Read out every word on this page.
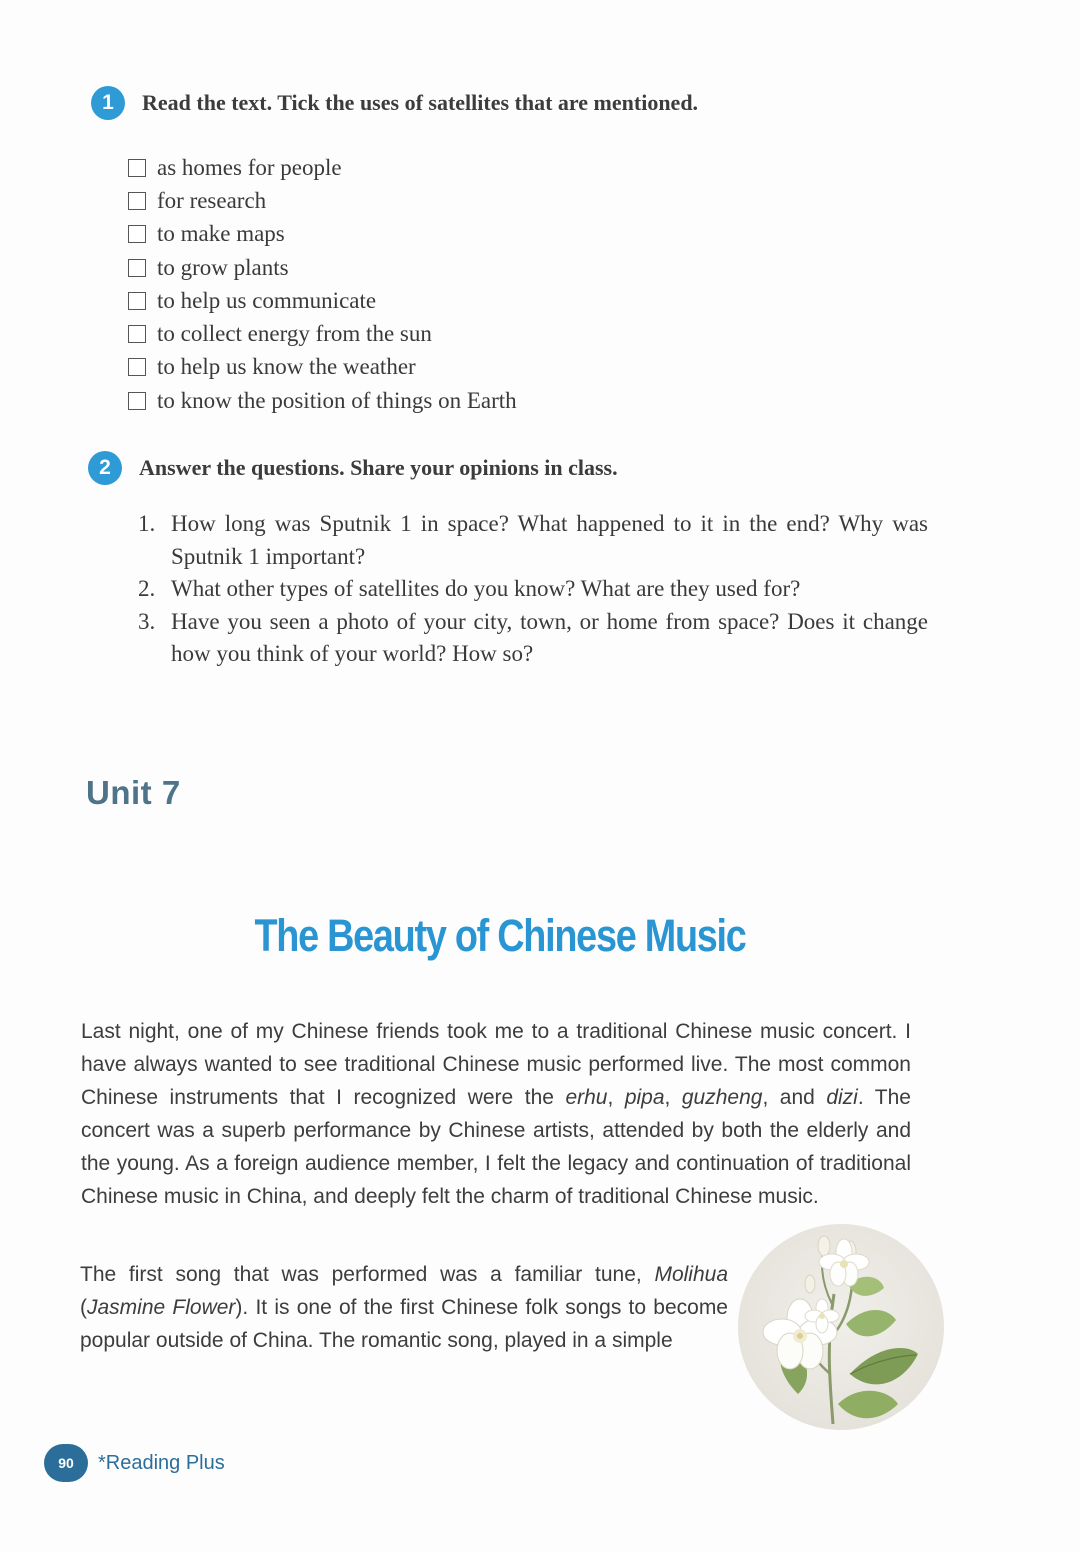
1	Read the text. Tick the uses of satellites that are mentioned.
as homes for people
for research
to make maps
to grow plants
to help us communicate
to collect energy from the sun
to help us know the weather
to know the position of things on Earth
2	Answer the questions. Share your opinions in class.
1. How long was Sputnik 1 in space? What happened to it in the end? Why was Sputnik 1 important?
2. What other types of satellites do you know? What are they used for?
3. Have you seen a photo of your city, town, or home from space? Does it change how you think of your world? How so?
Unit 7
The Beauty of Chinese Music

Last night, one of my Chinese friends took me to a traditional Chinese music concert. I have always wanted to see traditional Chinese music performed live. The most common Chinese instruments that I recognized were the erhu, pipa, guzheng, and dizi. The concert was a superb performance by Chinese artists, attended by both the elderly and the young. As a foreign audience member, I felt the legacy and continuation of traditional Chinese music in China, and deeply felt the charm of traditional Chinese music.

The first song that was performed was a familiar tune, Molihua (Jasmine Flower). It is one of the first Chinese folk songs to become popular outside of China. The romantic song, played in a simple

90	*Reading Plus
